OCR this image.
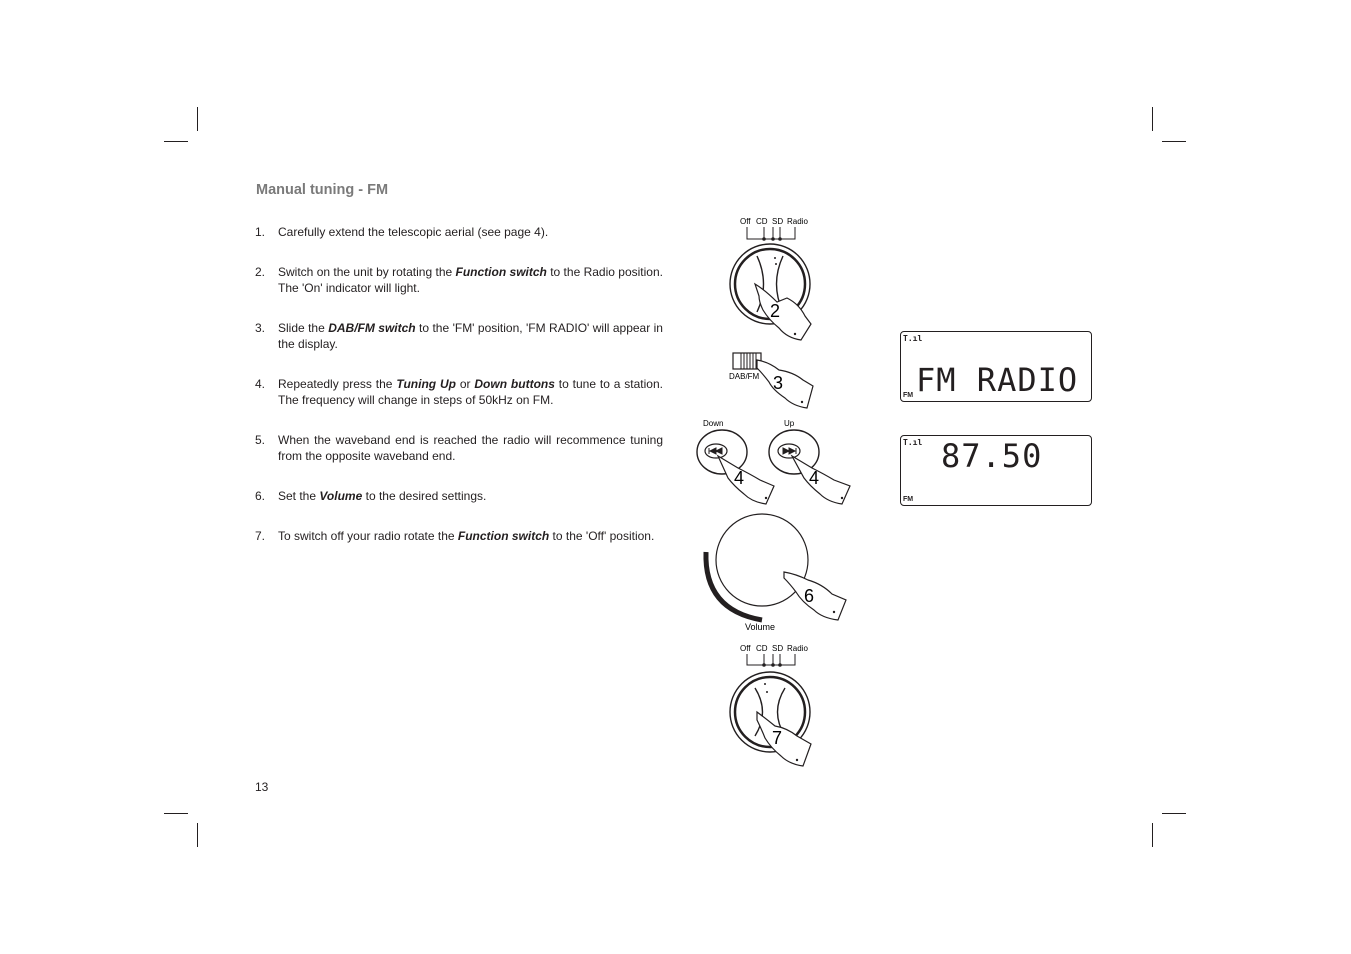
Manual tuning - FM
1. Carefully extend the telescopic aerial (see page 4).
2. Switch on the unit by rotating the Function switch to the Radio position. The 'On' indicator will light.
3. Slide the DAB/FM switch to the 'FM' position, 'FM RADIO' will appear in the display.
4. Repeatedly press the Tuning Up or Down buttons to tune to a station. The frequency will change in steps of 50kHz on FM.
5. When the waveband end is reached the radio will recommence tuning from the opposite waveband end.
6. Set the Volume to the desired settings.
7. To switch off your radio rotate the Function switch to the 'Off' position.
13
Off CD SD Radio
2
DAB/FM 3
Down	Up
4	4
6
Volume
Off CD SD Radio
7
T.ıl
FM RADIO
FM
T.ıl 87.50
FM
